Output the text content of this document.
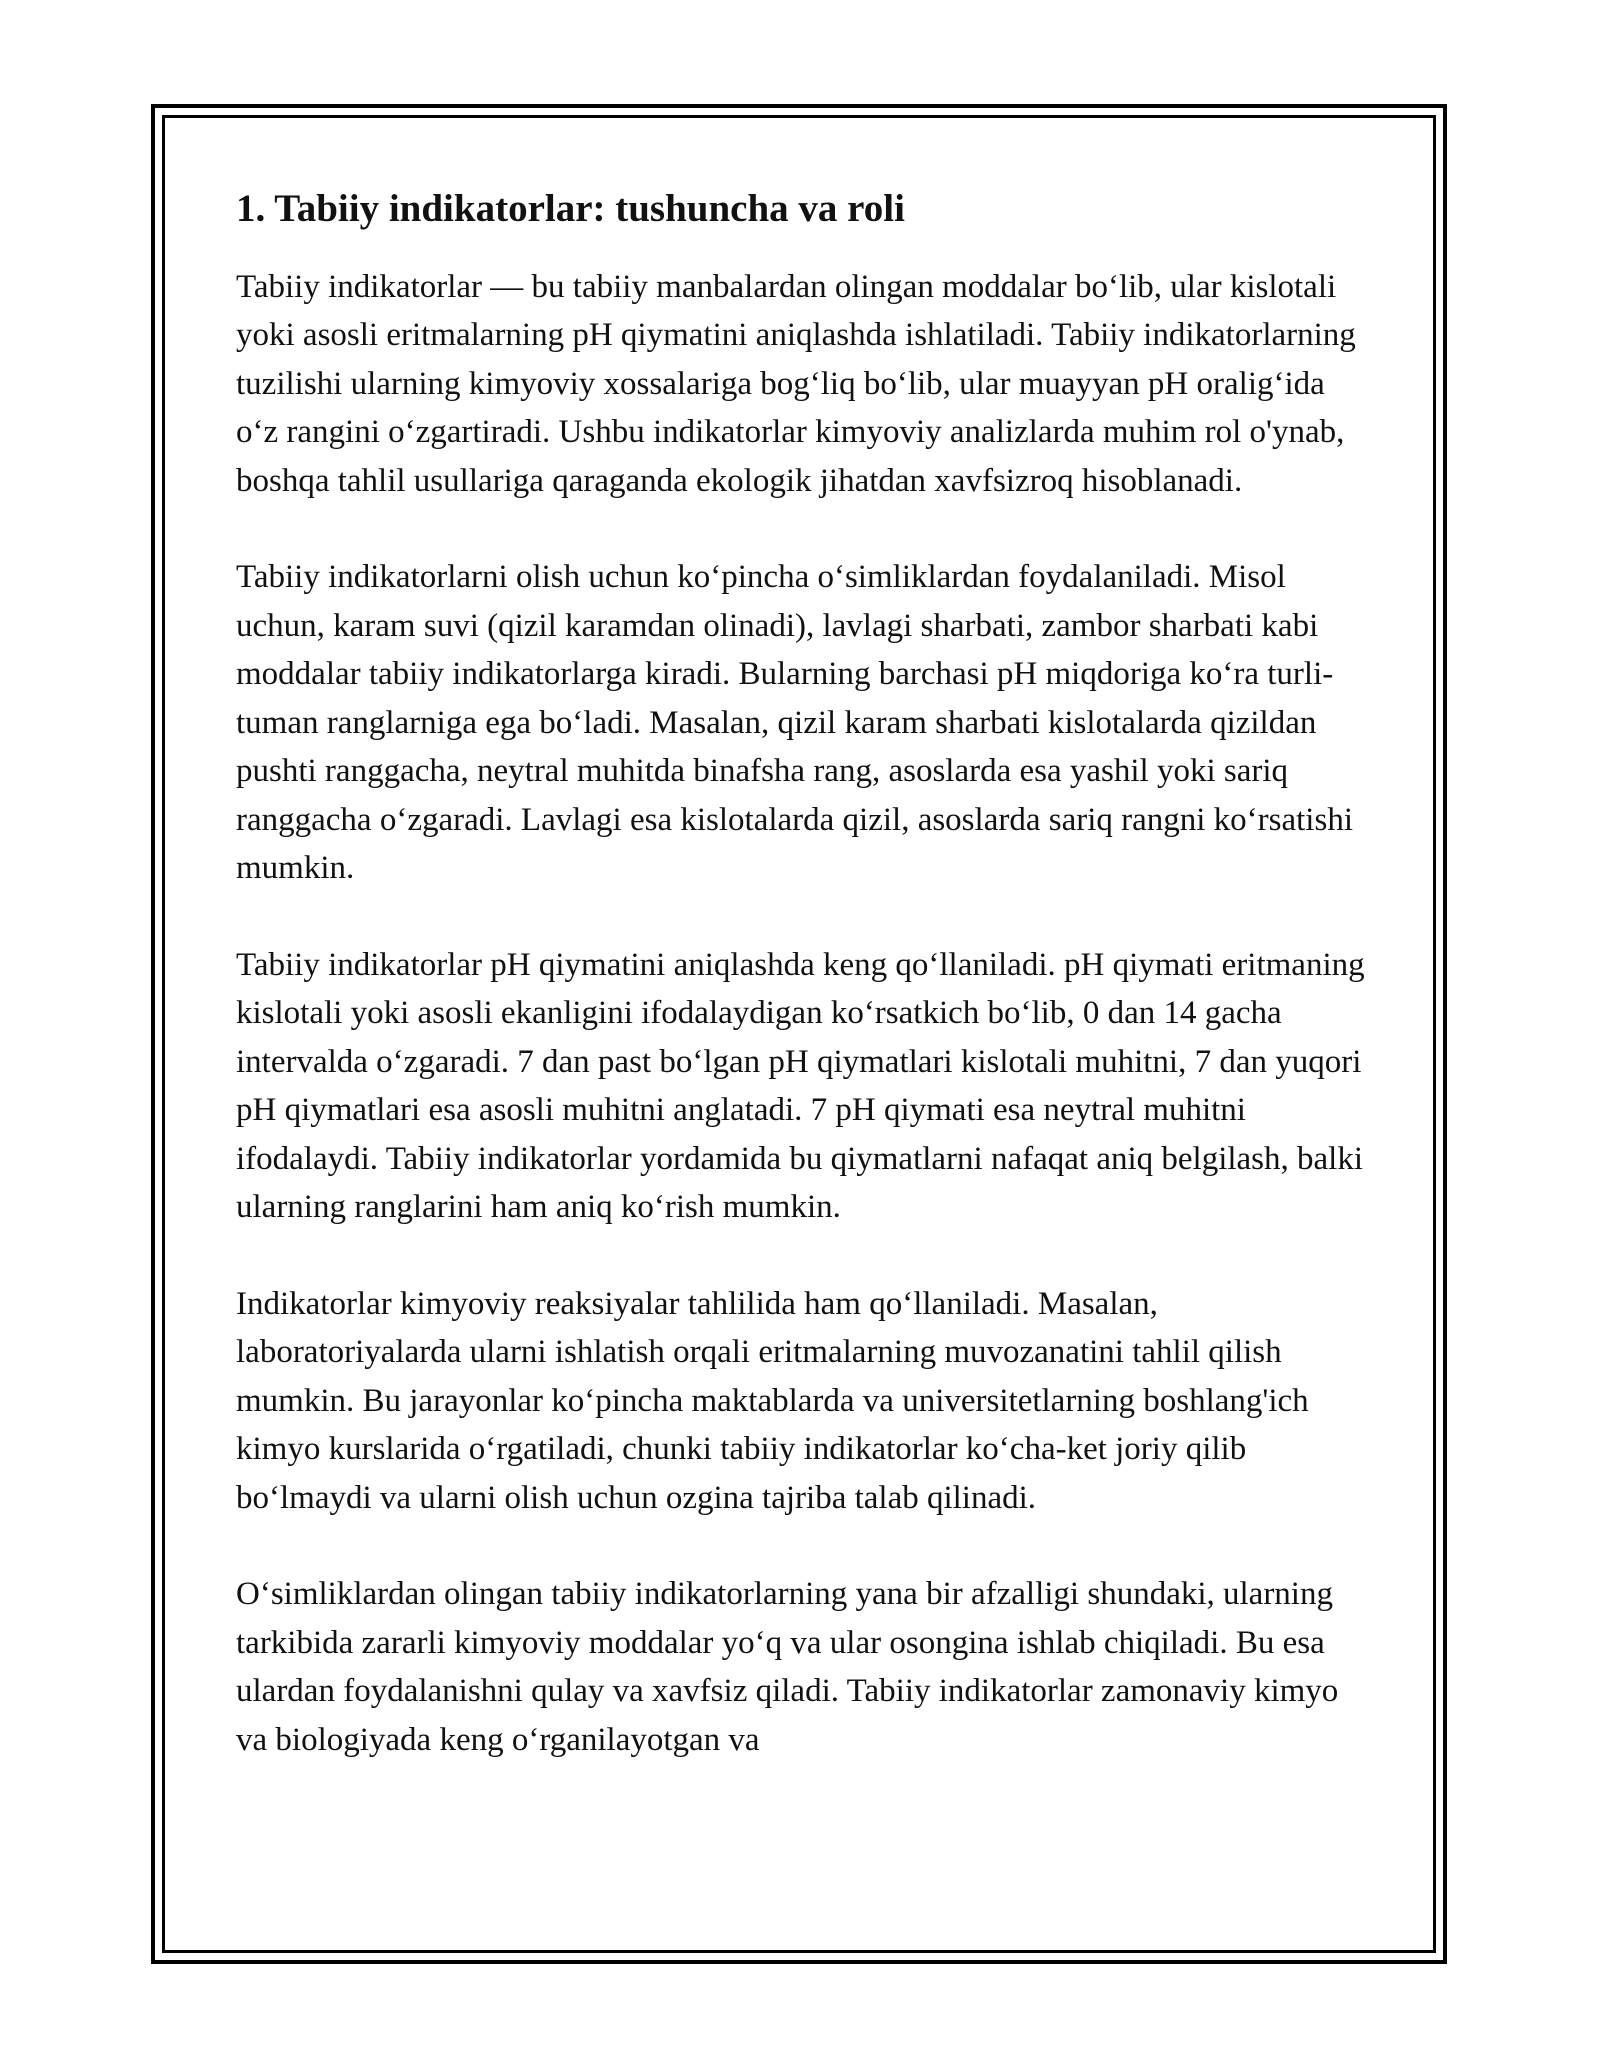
1. Tabiiy indikatorlar: tushuncha va roli

Tabiiy indikatorlar — bu tabiiy manbalardan olingan moddalar bo‘lib, ular kislotali yoki asosli eritmalarning pH qiymatini aniqlashda ishlatiladi. Tabiiy indikatorlarning tuzilishi ularning kimyoviy xossalariga bog‘liq bo‘lib, ular muayyan pH oralig‘ida o‘z rangini o‘zgartiradi. Ushbu indikatorlar kimyoviy analizlarda muhim rol o'ynab, boshqa tahlil usullariga qaraganda ekologik jihatdan xavfsizroq hisoblanadi.

Tabiiy indikatorlarni olish uchun ko‘pincha o‘simliklardan foydalaniladi. Misol uchun, karam suvi (qizil karamdan olinadi), lavlagi sharbati, zambor sharbati kabi moddalar tabiiy indikatorlarga kiradi. Bularning barchasi pH miqdoriga ko‘ra turli-tuman ranglarniga ega bo‘ladi. Masalan, qizil karam sharbati kislotalarda qizildan pushti ranggacha, neytral muhitda binafsha rang, asoslarda esa yashil yoki sariq ranggacha o‘zgaradi. Lavlagi esa kislotalarda qizil, asoslarda sariq rangni ko‘rsatishi mumkin.

Tabiiy indikatorlar pH qiymatini aniqlashda keng qo‘llaniladi. pH qiymati eritmaning kislotali yoki asosli ekanligini ifodalaydigan ko‘rsatkich bo‘lib, 0 dan 14 gacha intervalda o‘zgaradi. 7 dan past bo‘lgan pH qiymatlari kislotali muhitni, 7 dan yuqori pH qiymatlari esa asosli muhitni anglatadi. 7 pH qiymati esa neytral muhitni ifodalaydi. Tabiiy indikatorlar yordamida bu qiymatlarni nafaqat aniq belgilash, balki ularning ranglarini ham aniq ko‘rish mumkin.

Indikatorlar kimyoviy reaksiyalar tahlilida ham qo‘llaniladi. Masalan, laboratoriyalarda ularni ishlatish orqali eritmalarning muvozanatini tahlil qilish mumkin. Bu jarayonlar ko‘pincha maktablarda va universitetlarning boshlang'ich kimyo kurslarida o‘rgatiladi, chunki tabiiy indikatorlar ko‘cha-ket joriy qilib bo‘lmaydi va ularni olish uchun ozgina tajriba talab qilinadi.

O‘simliklardan olingan tabiiy indikatorlarning yana bir afzalligi shundaki, ularning tarkibida zararli kimyoviy moddalar yo‘q va ular osongina ishlab chiqiladi. Bu esa ulardan foydalanishni qulay va xavfsiz qiladi. Tabiiy indikatorlar zamonaviy kimyo va biologiyada keng o‘rganilayotgan va
